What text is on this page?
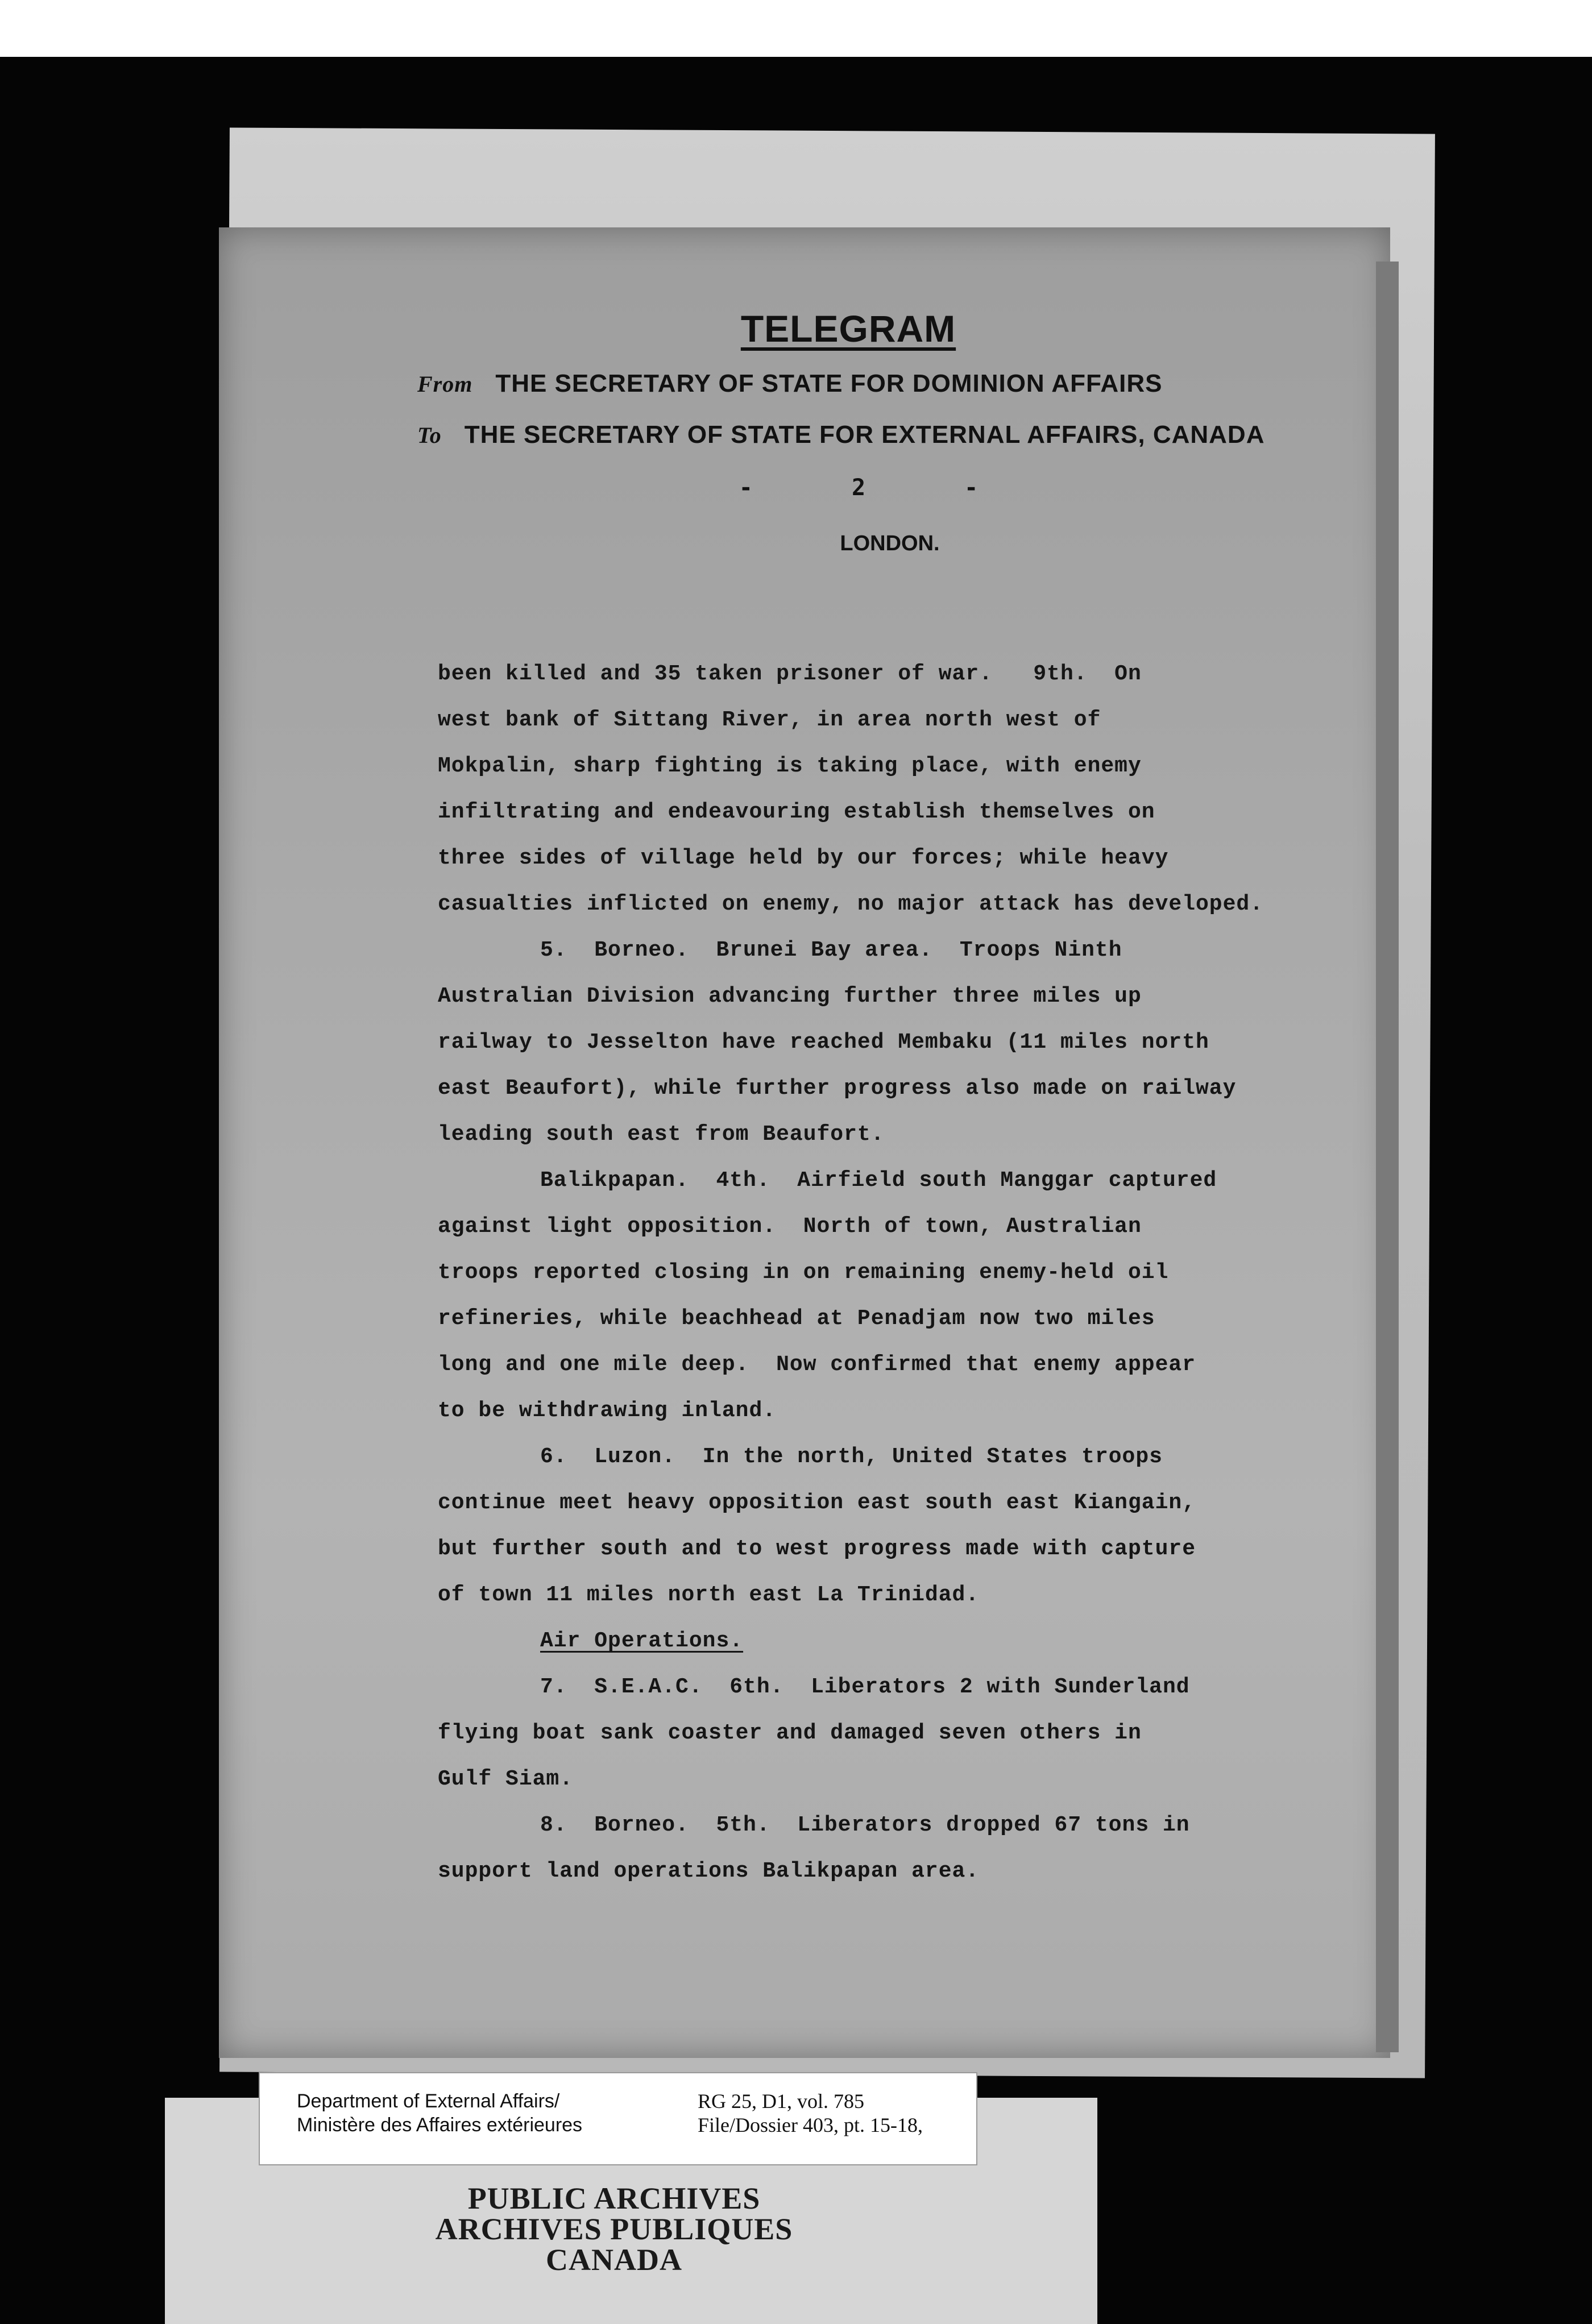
TELEGRAM
From THE SECRETARY OF STATE FOR DOMINION AFFAIRS
To THE SECRETARY OF STATE FOR EXTERNAL AFFAIRS, CANADA
- 2 -
LONDON.
been killed and 35 taken prisoner of war.   9th.  On
west bank of Sittang River, in area north west of
Mokpalin, sharp fighting is taking place, with enemy
infiltrating and endeavouring establish themselves on
three sides of village held by our forces; while heavy
casualties inflicted on enemy, no major attack has developed.
5.  Borneo.  Brunei Bay area.  Troops Ninth
Australian Division advancing further three miles up
railway to Jesselton have reached Membaku (11 miles north
east Beaufort), while further progress also made on railway
leading south east from Beaufort.
Balikpapan.  4th.  Airfield south Manggar captured
against light opposition.  North of town, Australian
troops reported closing in on remaining enemy-held oil
refineries, while beachhead at Penadjam now two miles
long and one mile deep.  Now confirmed that enemy appear
to be withdrawing inland.
6.  Luzon.  In the north, United States troops
continue meet heavy opposition east south east Kiangain,
but further south and to west progress made with capture
of town 11 miles north east La Trinidad.
Air Operations.
7.  S.E.A.C.  6th.  Liberators 2 with Sunderland
flying boat sank coaster and damaged seven others in
Gulf Siam.
8.  Borneo.  5th.  Liberators dropped 67 tons in
support land operations Balikpapan area.
Department of External Affairs/
Ministère des Affaires extérieures
RG 25, D1, vol. 785
File/Dossier 403, pt. 15-18,
PUBLIC ARCHIVES
ARCHIVES PUBLIQUES
CANADA
